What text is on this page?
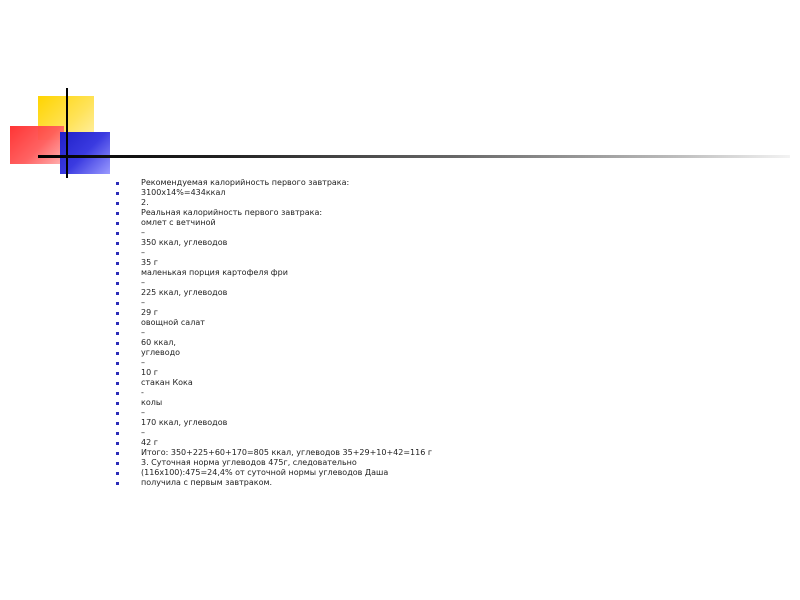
Рекомендуемая калорийность первого завтрака:
3100х14%=434ккал
2.
Реальная калорийность первого завтрака:
омлет с ветчиной
–
350 ккал, углеводов
–
35 г
маленькая порция картофеля фри
–
225 ккал, углеводов
–
29 г
овощной салат
–
60 ккал,
углеводо
–
10 г
стакан Кока
-
колы
–
170 ккал, углеводов
–
42 г
Итого: 350+225+60+170=805 ккал, углеводов 35+29+10+42=116 г
3. Суточная норма углеводов 475г, следовательно
(116х100):475=24,4% от суточной нормы углеводов Даша
получила с первым завтраком.
